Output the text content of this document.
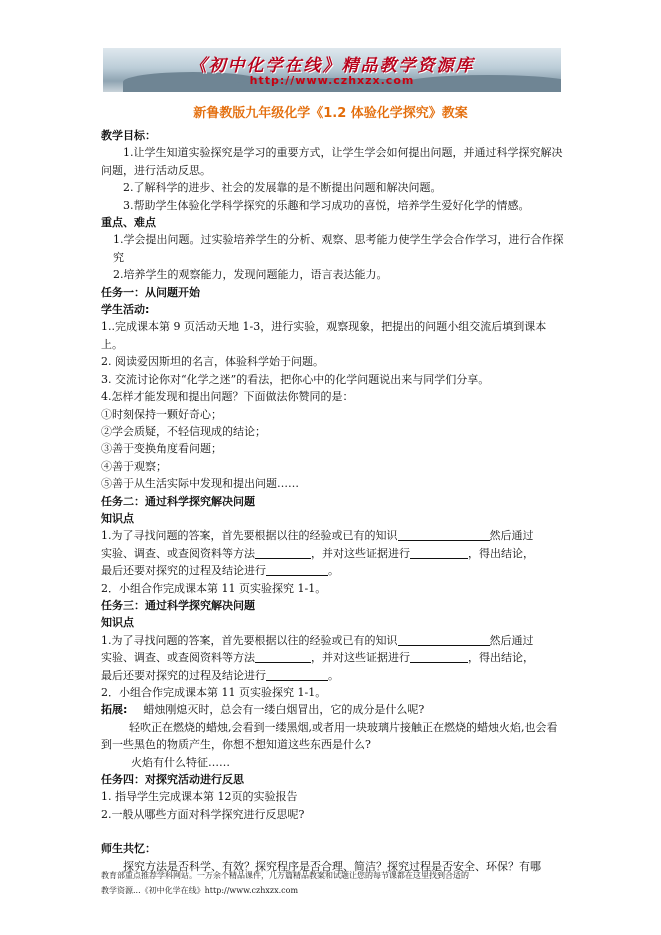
《初中化学在线》精品教学资源库
http://www.czhxzx.com
新鲁教版九年级化学《1.2 体验化学探究》教案

教学目标：

1.让学生知道实验探究是学习的重要方式，让学生学会如何提出问题，并通过科学探究解决问题，进行活动反思。

2.了解科学的进步、社会的发展靠的是不断提出问题和解决问题。

3.帮助学生体验化学科学探究的乐趣和学习成功的喜悦，培养学生爱好化学的情感。

重点、难点

1.学会提出问题。过实验培养学生的分析、观察、思考能力使学生学会合作学习，进行合作探究

2.培养学生的观察能力，发现问题能力，语言表达能力。

任务一：从问题开始

学生活动:

1..完成课本第 9 页活动天地 1-3，进行实验，观察现象，把提出的问题小组交流后填到课本上。

2. 阅读爱因斯坦的名言，体验科学始于问题。

3. 交流讨论你对“化学之迷”的看法，把你心中的化学问题说出来与同学们分享。

4.怎样才能发现和提出问题？下面做法你赞同的是：

①时刻保持一颗好奇心；

②学会质疑，不轻信现成的结论；

③善于变换角度看问题；

④善于观察；

⑤善于从生活实际中发现和提出问题……

任务二：通过科学探究解决问题

知识点

1.为了寻找问题的答案，首先要根据以往的经验或已有的知识	然后通过

实验、调查、或查阅资料等方法	，并对这些证据进行	，得出结论，

最后还要对探究的过程及结论进行	。

2．小组合作完成课本第 11 页实验探究 1-1。

任务三：通过科学探究解决问题

知识点

1.为了寻找问题的答案，首先要根据以往的经验或已有的知识	然后通过

实验、调查、或查阅资料等方法	，并对这些证据进行	，得出结论，

最后还要对探究的过程及结论进行	。

2．小组合作完成课本第 11 页实验探究 1-1。

拓展: 蜡烛刚熄灭时，总会有一缕白烟冒出，它的成分是什么呢?

轻吹正在燃烧的蜡烛,会看到一缕黑烟,或者用一块玻璃片接触正在燃烧的蜡烛火焰,也会看到一些黑色的物质产生，你想不想知道这些东西是什么?

火焰有什么特征……

任务四：对探究活动进行反思

1. 指导学生完成课本第 12页的实验报告

2.一般从哪些方面对科学探究进行反思呢?

师生共忆：

探究方法是否科学、有效？探究程序是否合理、简洁？探究过程是否安全、环保？有哪

教育部重点推荐学科网站。一万余个精品课件，几万篇精品教案和试题让您的每节课都在这里找到合适的
教学资源...《初中化学在线》http://www.czhxzx.com
